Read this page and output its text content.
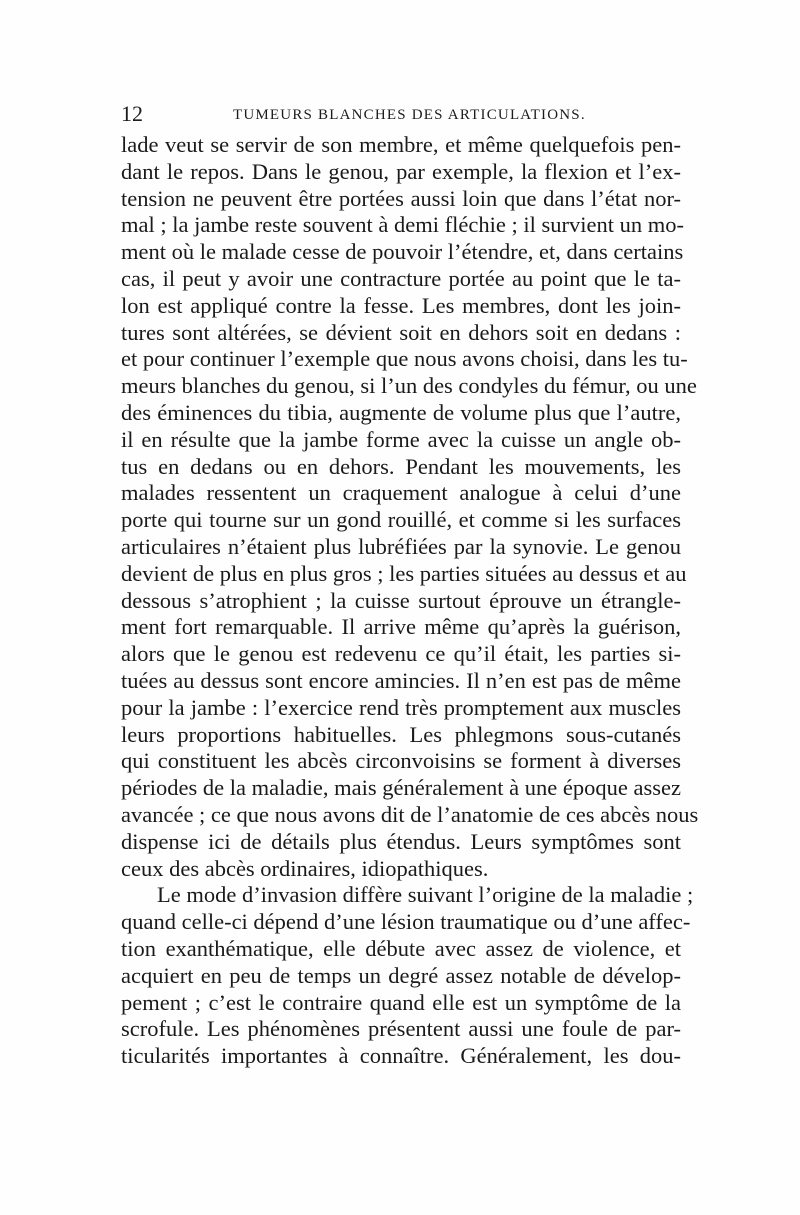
12	TUMEURS BLANCHES DES ARTICULATIONS.
lade veut se servir de son membre, et même quelquefois pen-
dant le repos. Dans le genou, par exemple, la flexion et l’ex-
tension ne peuvent être portées aussi loin que dans l’état nor-
mal ; la jambe reste souvent à demi fléchie ; il survient un mo-
ment où le malade cesse de pouvoir l’étendre, et, dans certains
cas, il peut y avoir une contracture portée au point que le ta-
lon est appliqué contre la fesse. Les membres, dont les join-
tures sont altérées, se dévient soit en dehors soit en dedans :
et pour continuer l’exemple que nous avons choisi, dans les tu-
meurs blanches du genou, si l’un des condyles du fémur, ou une
des éminences du tibia, augmente de volume plus que l’autre,
il en résulte que la jambe forme avec la cuisse un angle ob-
tus en dedans ou en dehors. Pendant les mouvements, les
malades ressentent un craquement analogue à celui d’une
porte qui tourne sur un gond rouillé, et comme si les surfaces
articulaires n’étaient plus lubréfiées par la synovie. Le genou
devient de plus en plus gros ; les parties situées au dessus et au
dessous s’atrophient ; la cuisse surtout éprouve un étrangle-
ment fort remarquable. Il arrive même qu’après la guérison,
alors que le genou est redevenu ce qu’il était, les parties si-
tuées au dessus sont encore amincies. Il n’en est pas de même
pour la jambe : l’exercice rend très promptement aux muscles
leurs proportions habituelles. Les phlegmons sous-cutanés
qui constituent les abcès circonvoisins se forment à diverses
périodes de la maladie, mais généralement à une époque assez
avancée ; ce que nous avons dit de l’anatomie de ces abcès nous
dispense ici de détails plus étendus. Leurs symptômes sont
ceux des abcès ordinaires, idiopathiques.
Le mode d’invasion diffère suivant l’origine de la maladie ;
quand celle-ci dépend d’une lésion traumatique ou d’une affec-
tion exanthématique, elle débute avec assez de violence, et
acquiert en peu de temps un degré assez notable de dévelop-
pement ; c’est le contraire quand elle est un symptôme de la
scrofule. Les phénomènes présentent aussi une foule de par-
ticularités importantes à connaître. Généralement, les dou-
